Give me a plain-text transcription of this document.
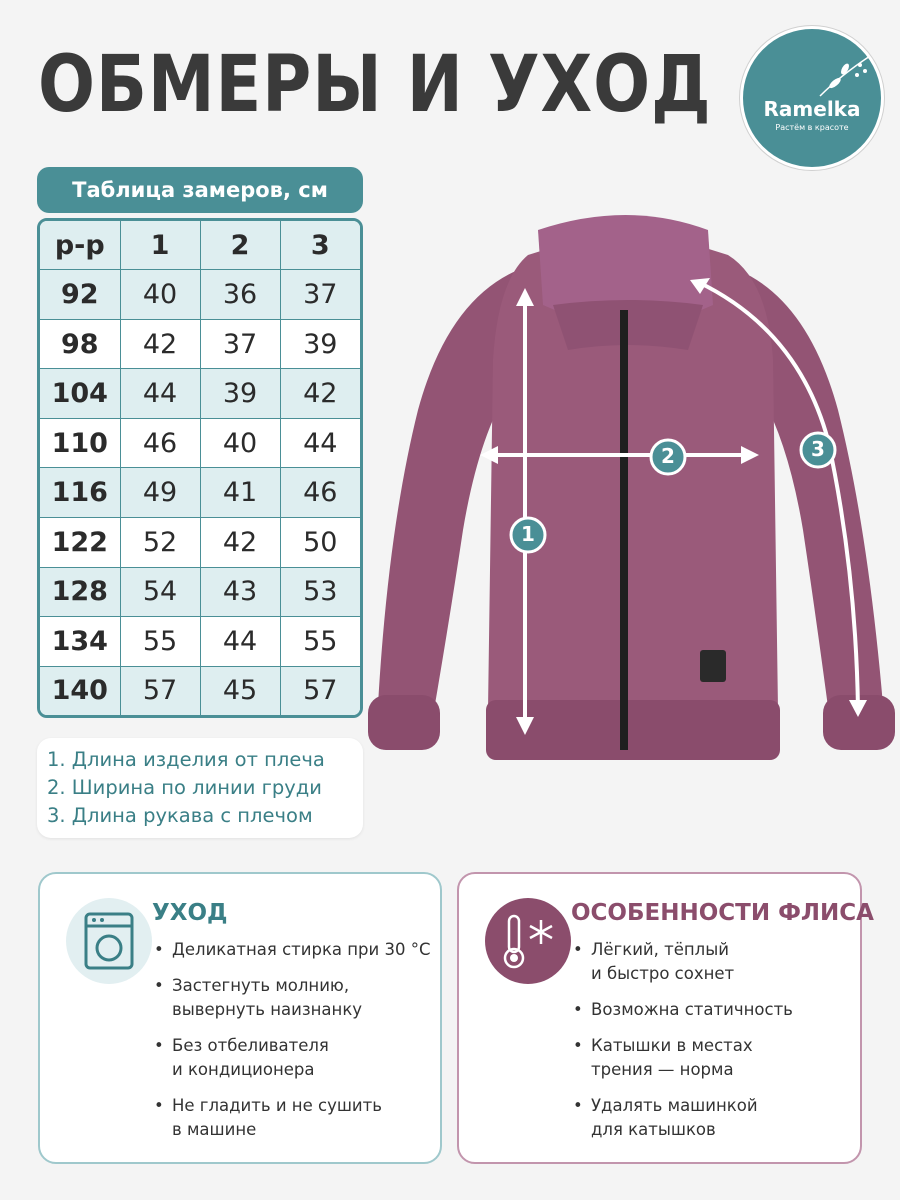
ОБМЕРЫ И УХОД	Ramelka
Растём в красоте
Таблица замеров, см
р-р	1	2	3
92	40	36	37
98	42	37	39
104	44	39	42
110	46	40	44
116	49	41	46
122	52	42	50
128	54	43	53
134	55	44	55
140	57	45	57
1. Длина изделия от плеча
2. Ширина по линии груди
3. Длина рукава с плечом
1
2	3
УХОД
• Деликатная стирка при 30 °С
• Застегнуть молнию,
вывернуть наизнанку
• Без отбеливателя
и кондиционера
• Не гладить и не сушить
в машине
ОСОБЕННОСТИ ФЛИСА
• Лёгкий, тёплый
и быстро сохнет
• Возможна статичность
• Катышки в местах
трения — норма
• Удалять машинкой
для катышков
